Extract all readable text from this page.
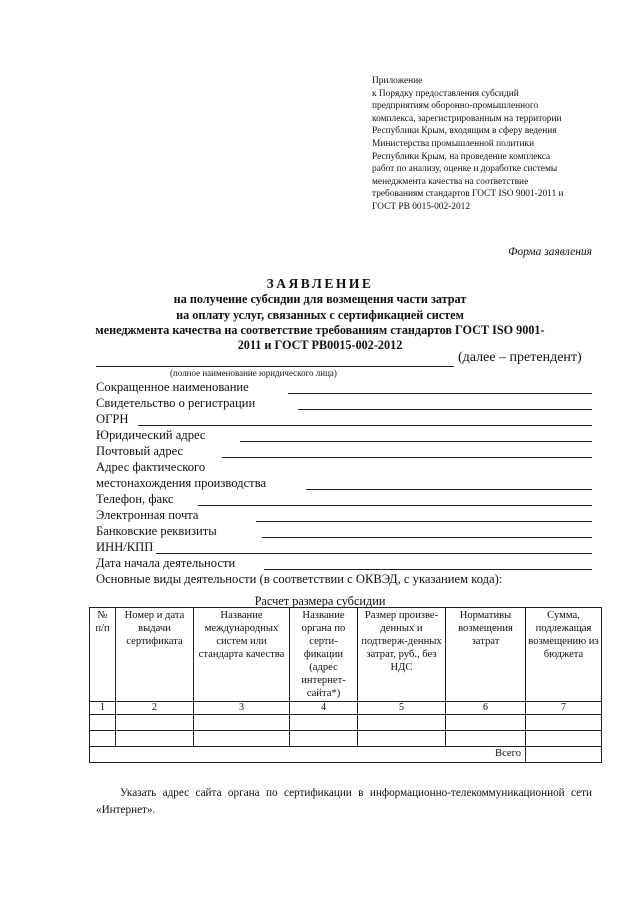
Приложение
к Порядку предоставления субсидий
предприятиям оборонно-промышленного
комплекса, зарегистрированным на территории
Республики Крым, входящим в сферу ведения
Министерства промышленной политики
Республики Крым, на проведение комплекса
работ по анализу, оценке и доработке системы
менеджмента качества на соответствие
требованиям стандартов ГОСТ ISO 9001-2011 и
ГОСТ РВ 0015-002-2012
Форма заявления
ЗАЯВЛЕНИЕ
на получение субсидии для возмещения части затрат
на оплату услуг, связанных с сертификацией систем
менеджмента качества на соответствие требованиям стандартов ГОСТ ISO 9001-
2011 и ГОСТ РВ0015-002-2012
(далее – претендент)
(полное наименование юридического лица)
Сокращенное наименование
Свидетельство о регистрации
ОГРН
Юридический адрес
Почтовый адрес
Адрес фактического
местонахождения производства
Телефон, факс
Электронная почта
Банковские реквизиты
ИНН/КПП
Дата начала деятельности
Основные виды деятельности (в соответствии с ОКВЭД, с указанием кода):
Расчет размера субсидии
№ п/п	Номер и дата выдачи сертификата	Название международных систем или стандарта качества	Название органа по серти-фикации (адрес интернет-сайта*)	Размер произве-денных и подтверж-денных затрат, руб., без НДС	Нормативы возмещения затрат	Сумма, подлежащая возмещению из бюджета
1	2	3	4	5	6	7

Всего						
Указать адрес сайта органа по сертификации в информационно-телекоммуникационной сети «Интернет».
